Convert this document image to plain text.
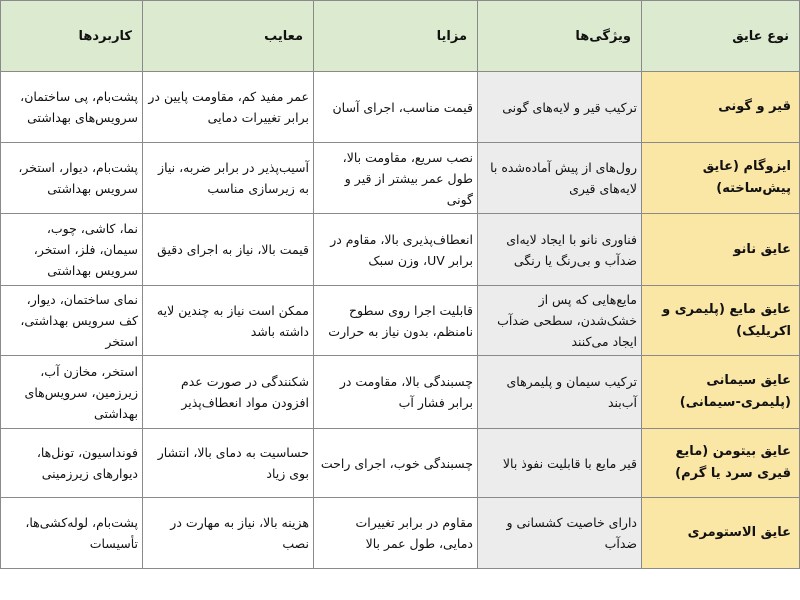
نوع عایق	ویژگی‌ها	مزایا	معایب	کاربردها
قیر و گونی	ترکیب قیر و لایه‌های گونی	قیمت مناسب، اجرای آسان	عمر مفید کم، مقاومت پایین در برابر تغییرات دمایی	پشت‌بام، پی ساختمان، سرویس‌های بهداشتی
ایزوگام (عایق پیش‌ساخته)	رول‌های از پیش آماده‌شده با لایه‌های قیری	نصب سریع، مقاومت بالا، طول عمر بیشتر از قیر و گونی	آسیب‌پذیر در برابر ضربه، نیاز به زیرسازی مناسب	پشت‌بام، دیوار، استخر، سرویس بهداشتی
عایق نانو	فناوری نانو با ایجاد لایه‌ای ضدآب و بی‌رنگ یا رنگی	انعطاف‌پذیری بالا، مقاوم در برابر UV، وزن سبک	قیمت بالا، نیاز به اجرای دقیق	نما، کاشی، چوب، سیمان، فلز، استخر، سرویس بهداشتی
عایق مایع (پلیمری و اکریلیک)	مایع‌هایی که پس از خشک‌شدن، سطحی ضدآب ایجاد می‌کنند	قابلیت اجرا روی سطوح نامنظم، بدون نیاز به حرارت	ممکن است نیاز به چندین لایه داشته باشد	نمای ساختمان، دیوار، کف سرویس بهداشتی، استخر
عایق سیمانی (پلیمری-سیمانی)	ترکیب سیمان و پلیمرهای آب‌بند	چسبندگی بالا، مقاومت در برابر فشار آب	شکنندگی در صورت عدم افزودن مواد انعطاف‌پذیر	استخر، مخازن آب، زیرزمین، سرویس‌های بهداشتی
عایق بیتومن (مایع قیری سرد یا گرم)	قیر مایع با قابلیت نفوذ بالا	چسبندگی خوب، اجرای راحت	حساسیت به دمای بالا، انتشار بوی زیاد	فونداسیون، تونل‌ها، دیوارهای زیرزمینی
عایق الاستومری	دارای خاصیت کشسانی و ضدآب	مقاوم در برابر تغییرات دمایی، طول عمر بالا	هزینه بالا، نیاز به مهارت در نصب	پشت‌بام، لوله‌کشی‌ها، تأسیسات
